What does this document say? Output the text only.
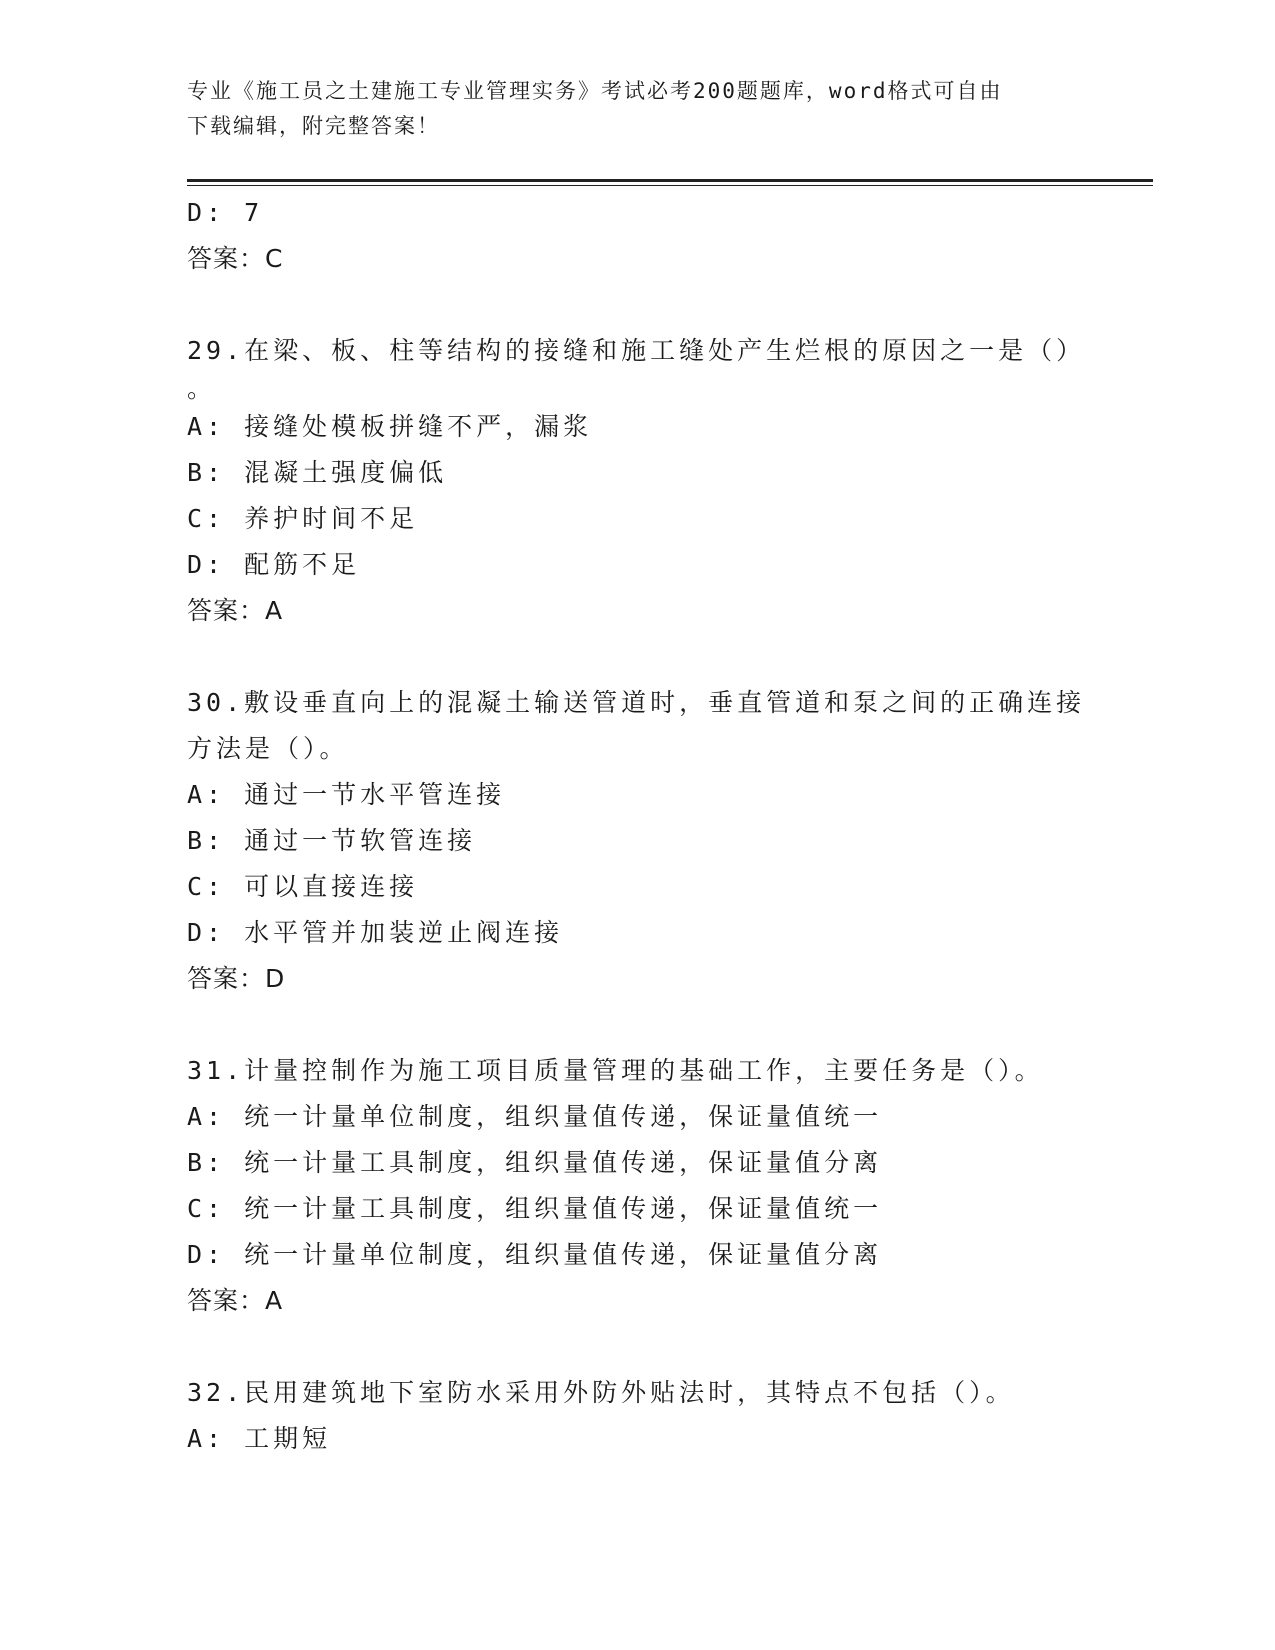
专业《施工员之土建施工专业管理实务》考试必考200题题库，word格式可自由
下载编辑，附完整答案！
D: 7
答案：C
29.在梁、板、柱等结构的接缝和施工缝处产生烂根的原因之一是（）
。
A: 接缝处模板拼缝不严，漏浆
B: 混凝土强度偏低
C: 养护时间不足
D: 配筋不足
答案：A
30.敷设垂直向上的混凝土输送管道时，垂直管道和泵之间的正确连接
方法是（）。
A: 通过一节水平管连接
B: 通过一节软管连接
C: 可以直接连接
D: 水平管并加装逆止阀连接
答案：D
31.计量控制作为施工项目质量管理的基础工作，主要任务是（）。
A: 统一计量单位制度，组织量值传递，保证量值统一
B: 统一计量工具制度，组织量值传递，保证量值分离
C: 统一计量工具制度，组织量值传递，保证量值统一
D: 统一计量单位制度，组织量值传递，保证量值分离
答案：A
32.民用建筑地下室防水采用外防外贴法时，其特点不包括（）。
A: 工期短
